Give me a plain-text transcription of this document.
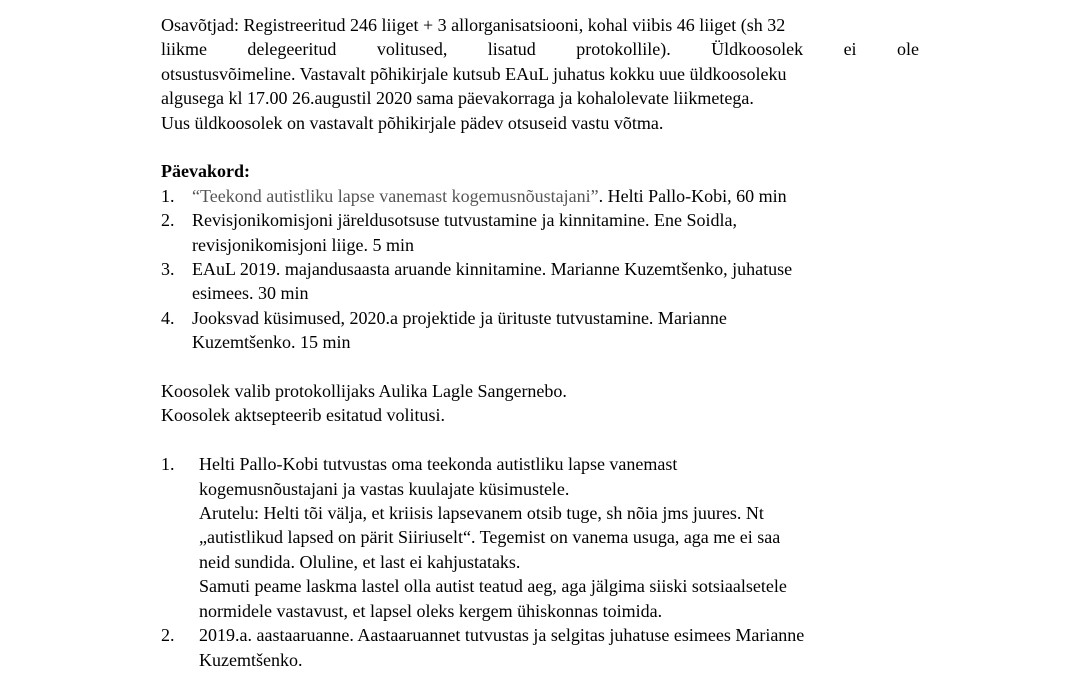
Osavõtjad: Registreeritud 246 liiget + 3 allorganisatsiooni, kohal viibis 46 liiget (sh 32
liikme delegeeritud volitused, lisatud protokollile). Üldkoosolek ei ole
otsustusvõimeline. Vastavalt põhikirjale kutsub EAuL juhatus kokku uue üldkoosoleku
algusega kl 17.00 26.augustil 2020 sama päevakorraga ja kohalolevate liikmetega.
Uus üldkoosolek on vastavalt põhikirjale pädev otsuseid vastu võtma.

Päevakord:

1. “Teekond autistliku lapse vanemast kogemusnõustajani”. Helti Pallo-Kobi, 60 min
2. Revisjonikomisjoni järeldusotsuse tutvustamine ja kinnitamine. Ene Soidla,
revisjonikomisjoni liige. 5 min
3. EAuL 2019. majandusaasta aruande kinnitamine. Marianne Kuzemtšenko, juhatuse
esimees. 30 min
4. Jooksvad küsimused, 2020.a projektide ja ürituste tutvustamine. Marianne
Kuzemtšenko. 15 min
Koosolek valib protokollijaks Aulika Lagle Sangernebo.
Koosolek aktsepteerib esitatud volitusi.
1. Helti Pallo-Kobi tutvustas oma teekonda autistliku lapse vanemast
kogemusnõustajani ja vastas kuulajate küsimustele.
Arutelu: Helti tõi välja, et kriisis lapsevanem otsib tuge, sh nõia jms juures. Nt
„autistlikud lapsed on pärit Siiriuselt“. Tegemist on vanema usuga, aga me ei saa
neid sundida. Oluline, et last ei kahjustataks.
Samuti peame laskma lastel olla autist teatud aeg, aga jälgima siiski sotsiaalsetele
normidele vastavust, et lapsel oleks kergem ühiskonnas toimida.
2. 2019.a. aastaaruanne. Aastaaruannet tutvustas ja selgitas juhatuse esimees Marianne
Kuzemtšenko.
